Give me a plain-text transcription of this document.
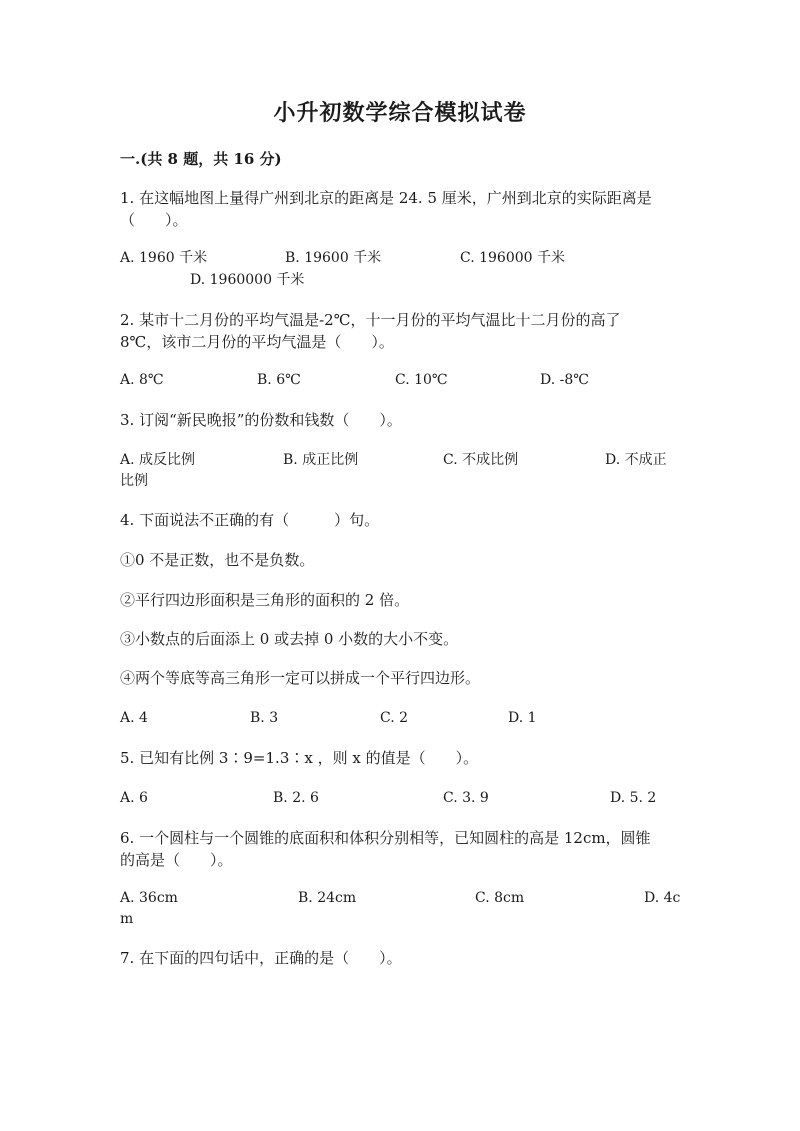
小升初数学综合模拟试卷
一.(共 8 题，共 16 分)
1. 在这幅地图上量得广州到北京的距离是 24. 5 厘米，广州到北京的实际距离是
（　　）。
A. 1960 千米	B. 19600 千米	C. 196000 千米
D. 1960000 千米
2. 某市十二月份的平均气温是-2℃，十一月份的平均气温比十二月份的高了
8℃，该市二月份的平均气温是（　　）。
A. 8℃	B. 6℃	C. 10℃	D. -8℃
3. 订阅“新民晚报”的份数和钱数（　　）。
A. 成反比例	B. 成正比例	C. 不成比例	D. 不成正
比例
4. 下面说法不正确的有（　　　）句。
①0 不是正数，也不是负数。
②平行四边形面积是三角形的面积的 2 倍。
③小数点的后面添上 0 或去掉 0 小数的大小不变。
④两个等底等高三角形一定可以拼成一个平行四边形。
A. 4	B. 3	C. 2	D. 1
5. 已知有比例 3∶9=1.3∶x ，则 x 的值是（　　）。
A. 6	B. 2. 6	C. 3. 9	D. 5. 2
6. 一个圆柱与一个圆锥的底面积和体积分别相等，已知圆柱的高是 12cm，圆锥
的高是（　　）。
A. 36cm	B. 24cm	C. 8cm	D. 4c
m
7. 在下面的四句话中，正确的是（　　）。
